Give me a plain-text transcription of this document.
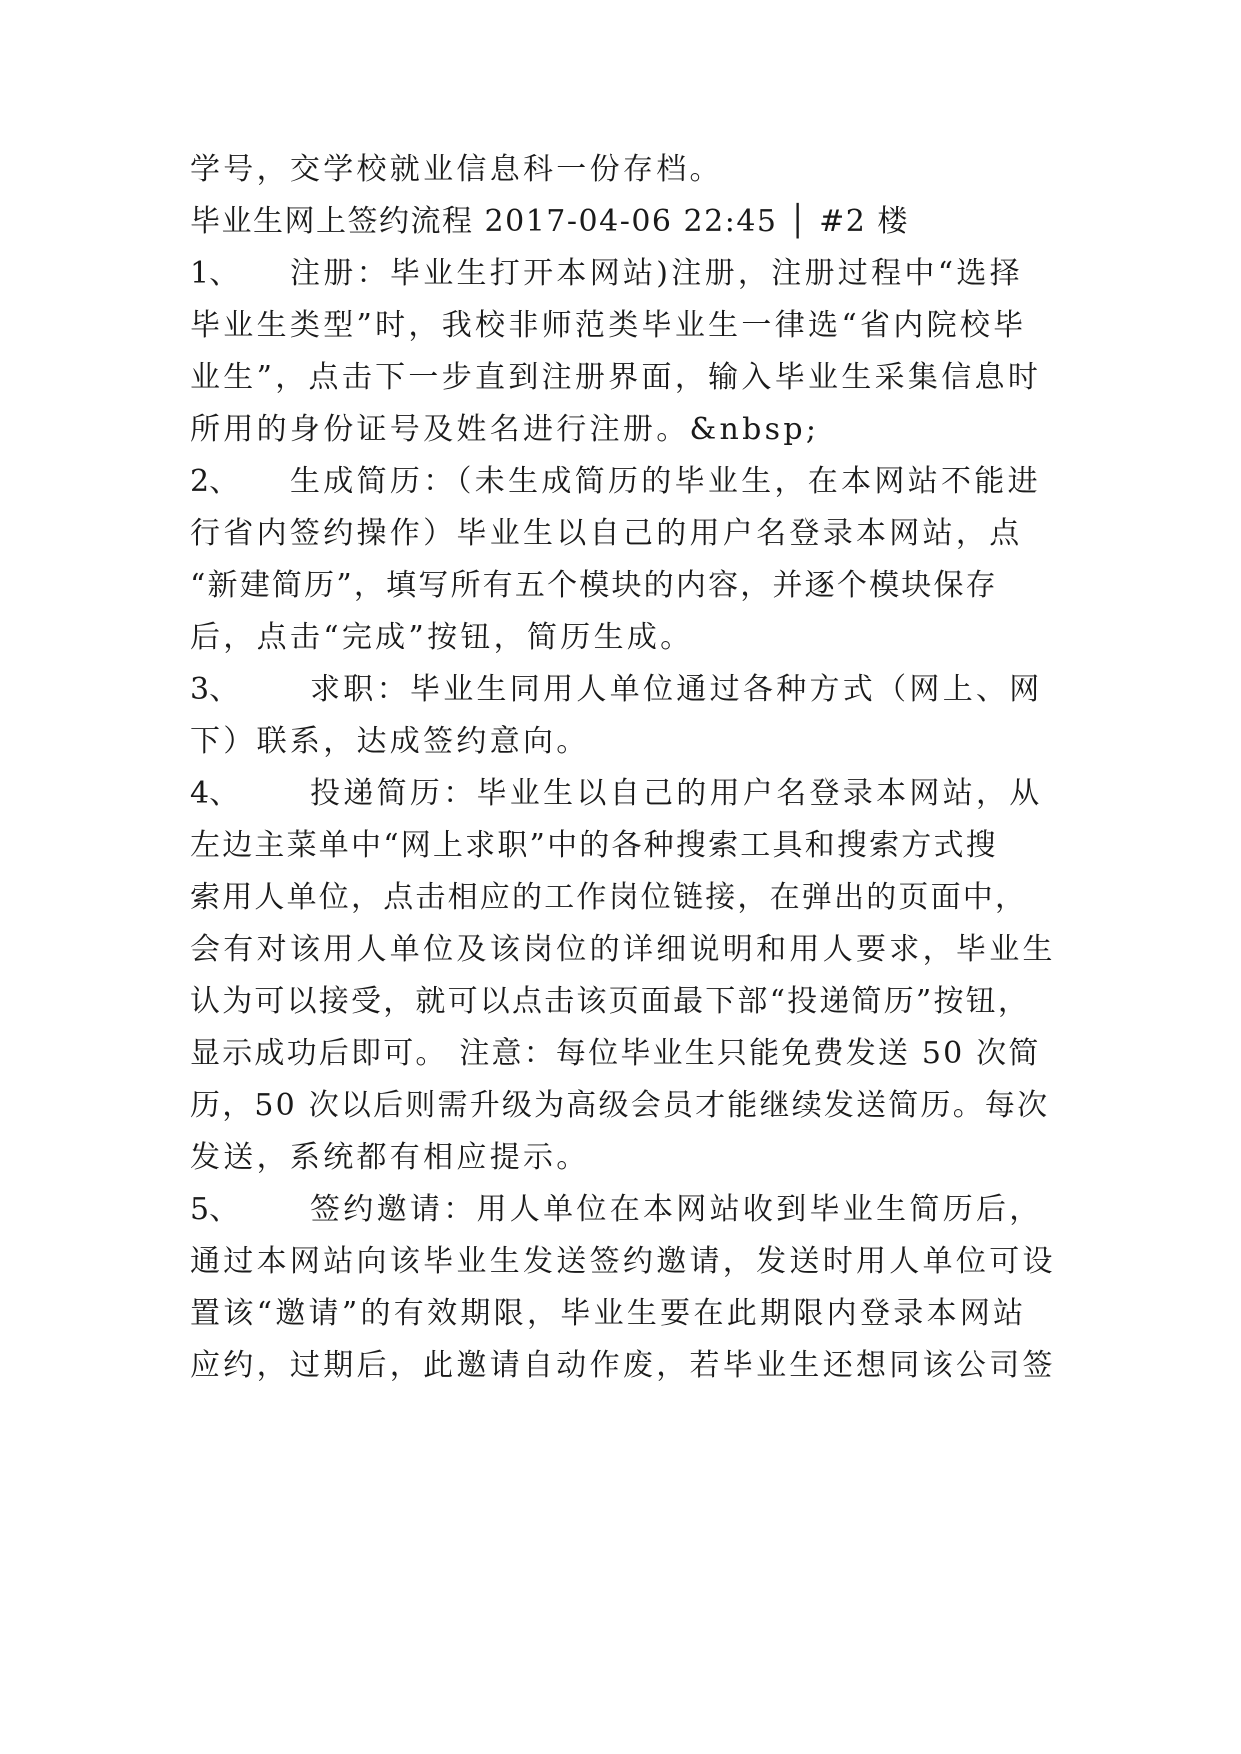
学号，交学校就业信息科一份存档。
毕业生网上签约流程 2017-04-06 22:45 │ #2 楼
1、 注册：毕业生打开本网站)注册，注册过程中“选择
毕业生类型”时，我校非师范类毕业生一律选“省内院校毕
业生”，点击下一步直到注册界面，输入毕业生采集信息时
所用的身份证号及姓名进行注册。&nbsp;
2、 生成简历：（未生成简历的毕业生，在本网站不能进
行省内签约操作）毕业生以自己的用户名登录本网站，点
“新建简历”，填写所有五个模块的内容，并逐个模块保存
后，点击“完成”按钮，简历生成。
3、 求职：毕业生同用人单位通过各种方式（网上、网
下）联系，达成签约意向。
4、 投递简历：毕业生以自己的用户名登录本网站，从
左边主菜单中“网上求职”中的各种搜索工具和搜索方式搜
索用人单位，点击相应的工作岗位链接，在弹出的页面中，
会有对该用人单位及该岗位的详细说明和用人要求，毕业生
认为可以接受，就可以点击该页面最下部“投递简历”按钮，
显示成功后即可。 注意：每位毕业生只能免费发送 50 次简
历，50 次以后则需升级为高级会员才能继续发送简历。每次
发送，系统都有相应提示。
5、 签约邀请：用人单位在本网站收到毕业生简历后，
通过本网站向该毕业生发送签约邀请，发送时用人单位可设
置该“邀请”的有效期限，毕业生要在此期限内登录本网站
应约，过期后，此邀请自动作废，若毕业生还想同该公司签
